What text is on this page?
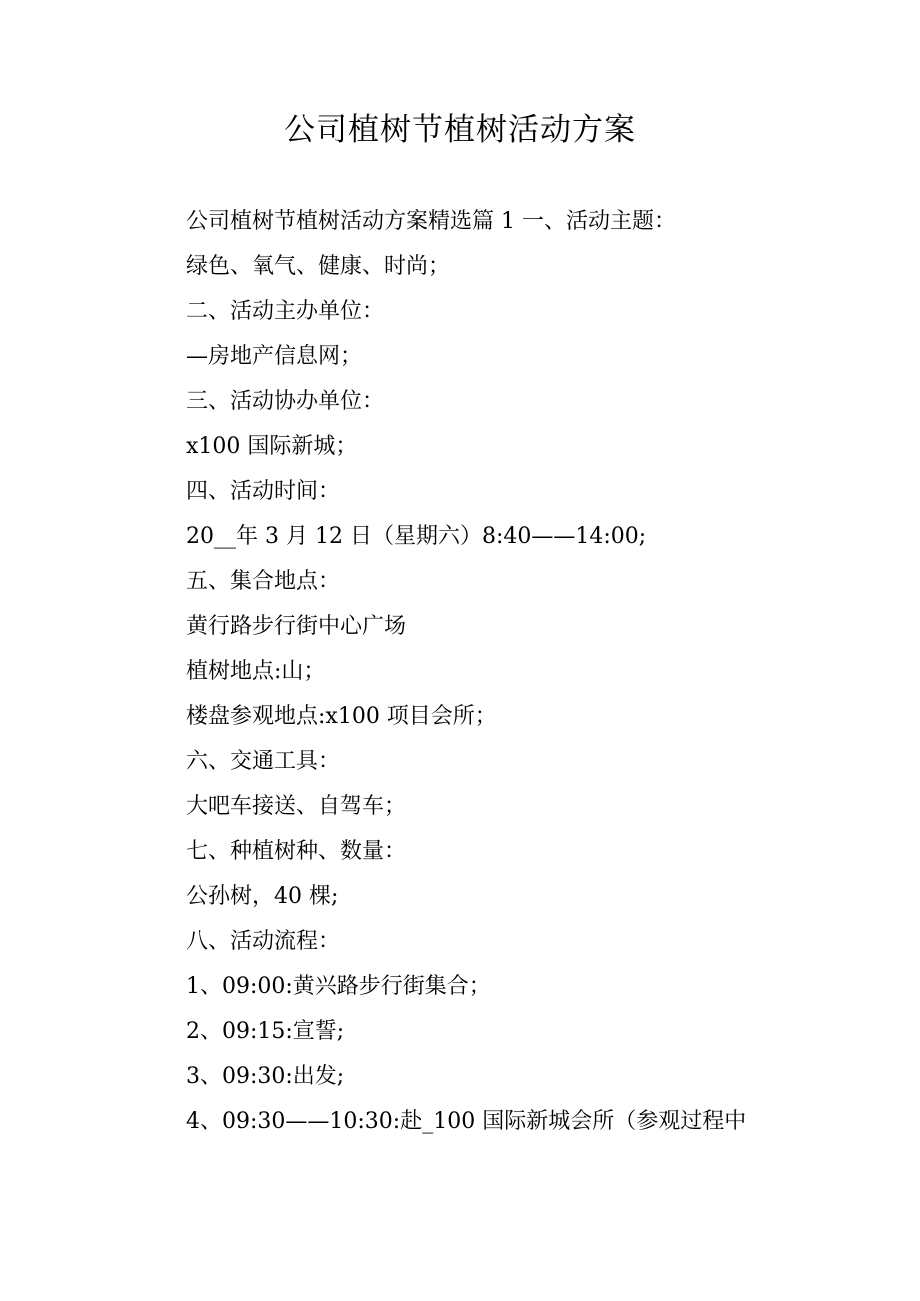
公司植树节植树活动方案
公司植树节植树活动方案精选篇 1 一、活动主题：
绿色、氧气、健康、时尚；
二、活动主办单位：
—房地产信息网；
三、活动协办单位：
x100 国际新城；
四、活动时间：
20__年 3 月 12 日（星期六）8:40——14:00;
五、集合地点：
黄行路步行街中心广场
植树地点:山；
楼盘参观地点:x100 项目会所；
六、交通工具：
大吧车接送、自驾车；
七、种植树种、数量：
公孙树，40 棵;
八、活动流程：
1、09:00:黄兴路步行街集合；
2、09:15:宣誓;
3、09:30:出发;
4、09:30——10:30:赴_100 国际新城会所（参观过程中
